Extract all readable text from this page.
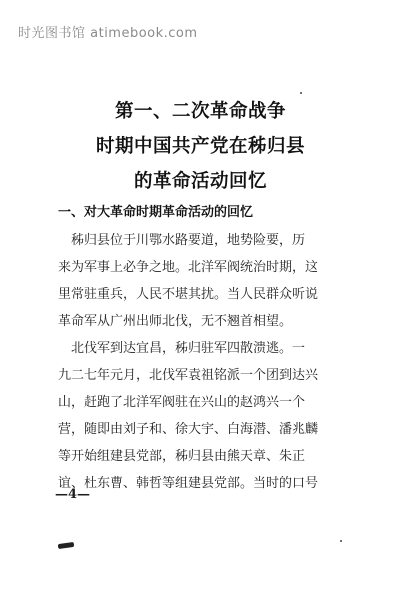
时光图书馆 atimebook.com
第一、二次革命战争
时期中国共产党在秭归县
的革命活动回忆
一、对大革命时期革命活动的回忆
　秭归县位于川鄂水路要道，地势险要，历
来为军事上必争之地。北洋军阀统治时期，这
里常驻重兵，人民不堪其扰。当人民群众听说
革命军从广州出师北伐，无不翘首相望。
　北伐军到达宜昌，秭归驻军四散溃逃。一
九二七年元月，北伐军袁祖铭派一个团到达兴
山，赶跑了北洋军阀驻在兴山的赵鸿兴一个
营，随即由刘子和、徐大宇、白海潜、潘兆麟
等开始组建县党部，秭归县由熊天章、朱正
谊、杜东曹、韩哲等组建县党部。当时的口号
—4—
